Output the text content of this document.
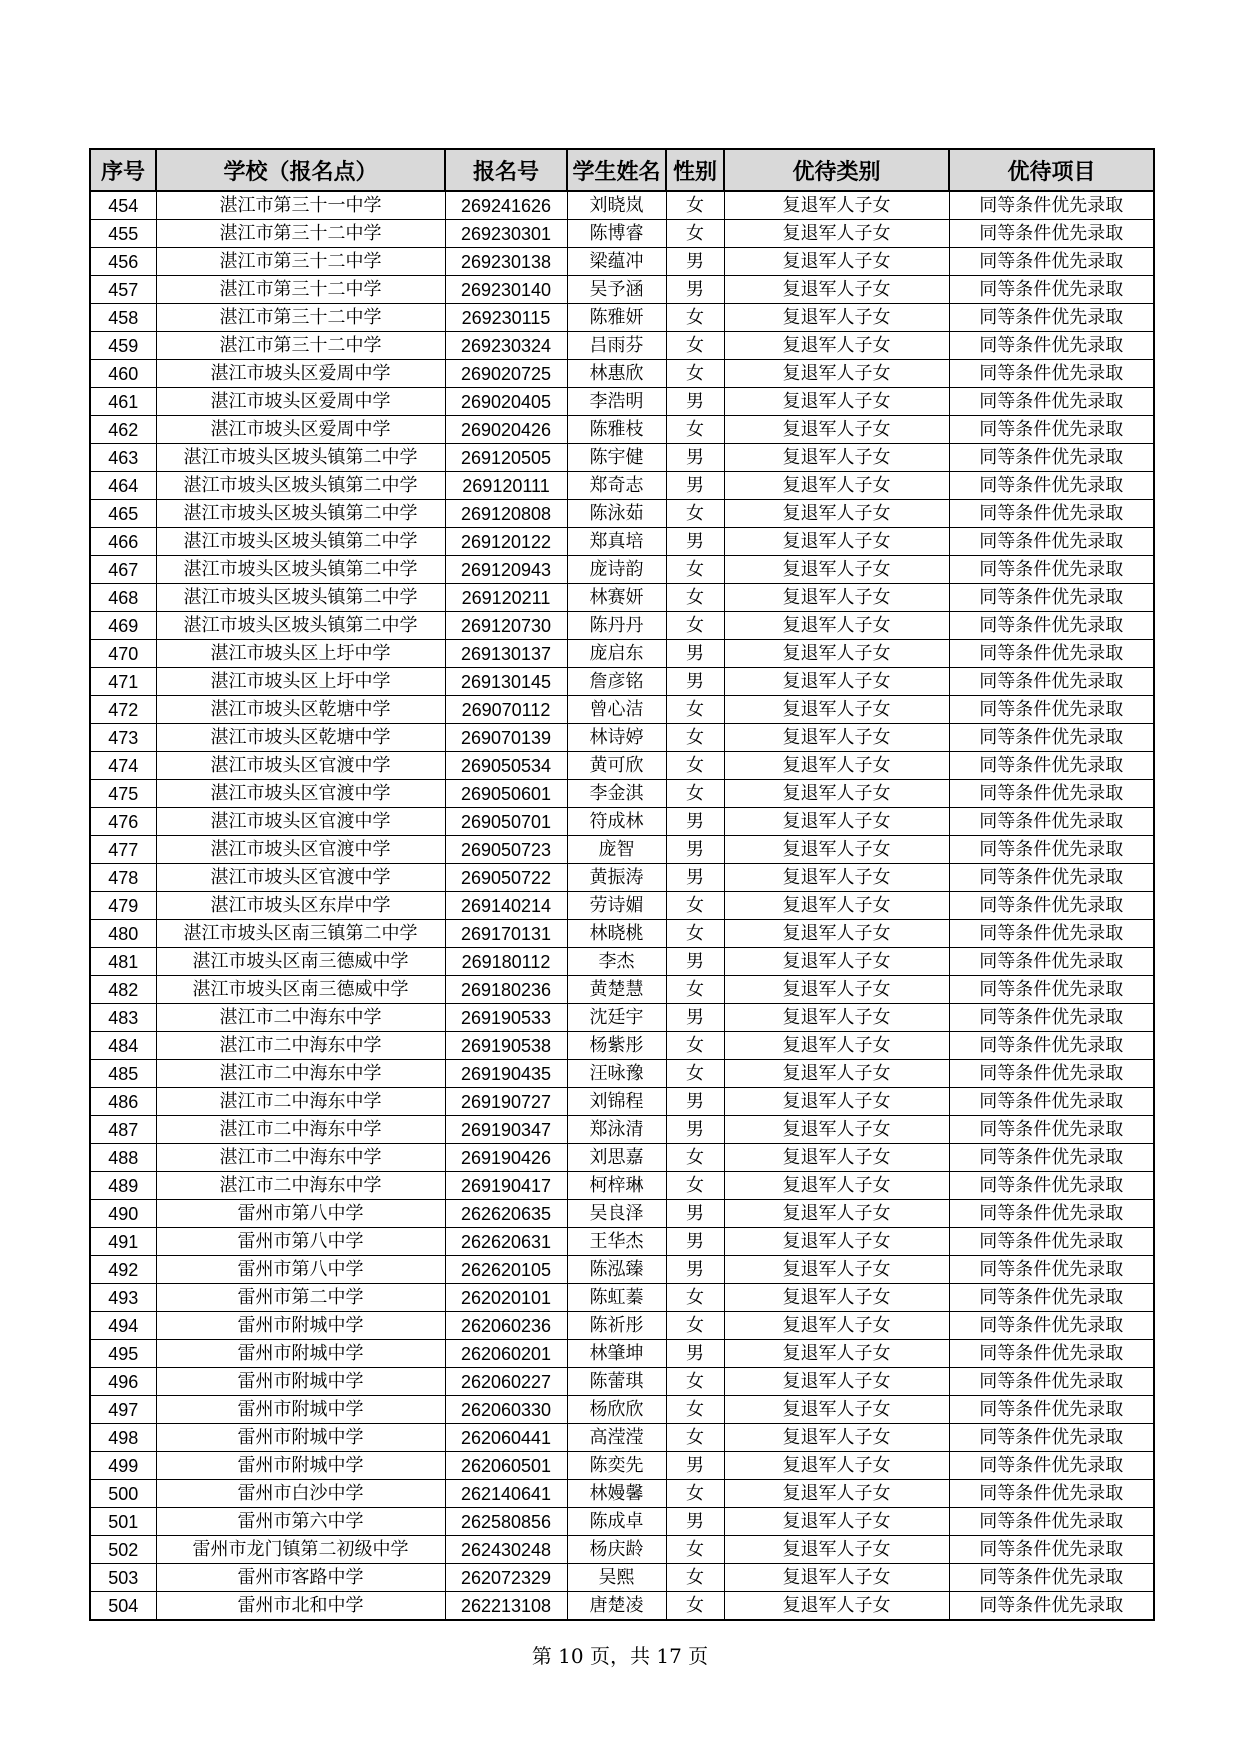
序号	学校（报名点）	报名号	学生姓名	性别	优待类别	优待项目
454	湛江市第三十一中学	269241626	刘晓岚	女	复退军人子女	同等条件优先录取
455	湛江市第三十二中学	269230301	陈博睿	女	复退军人子女	同等条件优先录取
456	湛江市第三十二中学	269230138	梁蕴冲	男	复退军人子女	同等条件优先录取
457	湛江市第三十二中学	269230140	吴予涵	男	复退军人子女	同等条件优先录取
458	湛江市第三十二中学	269230115	陈雅妍	女	复退军人子女	同等条件优先录取
459	湛江市第三十二中学	269230324	吕雨芬	女	复退军人子女	同等条件优先录取
460	湛江市坡头区爱周中学	269020725	林惠欣	女	复退军人子女	同等条件优先录取
461	湛江市坡头区爱周中学	269020405	李浩明	男	复退军人子女	同等条件优先录取
462	湛江市坡头区爱周中学	269020426	陈雅枝	女	复退军人子女	同等条件优先录取
463	湛江市坡头区坡头镇第二中学	269120505	陈宇健	男	复退军人子女	同等条件优先录取
464	湛江市坡头区坡头镇第二中学	269120111	郑奇志	男	复退军人子女	同等条件优先录取
465	湛江市坡头区坡头镇第二中学	269120808	陈泳茹	女	复退军人子女	同等条件优先录取
466	湛江市坡头区坡头镇第二中学	269120122	郑真培	男	复退军人子女	同等条件优先录取
467	湛江市坡头区坡头镇第二中学	269120943	庞诗韵	女	复退军人子女	同等条件优先录取
468	湛江市坡头区坡头镇第二中学	269120211	林赛妍	女	复退军人子女	同等条件优先录取
469	湛江市坡头区坡头镇第二中学	269120730	陈丹丹	女	复退军人子女	同等条件优先录取
470	湛江市坡头区上圩中学	269130137	庞启东	男	复退军人子女	同等条件优先录取
471	湛江市坡头区上圩中学	269130145	詹彦铭	男	复退军人子女	同等条件优先录取
472	湛江市坡头区乾塘中学	269070112	曾心洁	女	复退军人子女	同等条件优先录取
473	湛江市坡头区乾塘中学	269070139	林诗婷	女	复退军人子女	同等条件优先录取
474	湛江市坡头区官渡中学	269050534	黄可欣	女	复退军人子女	同等条件优先录取
475	湛江市坡头区官渡中学	269050601	李金淇	女	复退军人子女	同等条件优先录取
476	湛江市坡头区官渡中学	269050701	符成林	男	复退军人子女	同等条件优先录取
477	湛江市坡头区官渡中学	269050723	庞智	男	复退军人子女	同等条件优先录取
478	湛江市坡头区官渡中学	269050722	黄振涛	男	复退军人子女	同等条件优先录取
479	湛江市坡头区东岸中学	269140214	劳诗媚	女	复退军人子女	同等条件优先录取
480	湛江市坡头区南三镇第二中学	269170131	林晓桃	女	复退军人子女	同等条件优先录取
481	湛江市坡头区南三德威中学	269180112	李杰	男	复退军人子女	同等条件优先录取
482	湛江市坡头区南三德威中学	269180236	黄楚慧	女	复退军人子女	同等条件优先录取
483	湛江市二中海东中学	269190533	沈廷宇	男	复退军人子女	同等条件优先录取
484	湛江市二中海东中学	269190538	杨紫彤	女	复退军人子女	同等条件优先录取
485	湛江市二中海东中学	269190435	汪咏豫	女	复退军人子女	同等条件优先录取
486	湛江市二中海东中学	269190727	刘锦程	男	复退军人子女	同等条件优先录取
487	湛江市二中海东中学	269190347	郑泳清	男	复退军人子女	同等条件优先录取
488	湛江市二中海东中学	269190426	刘思嘉	女	复退军人子女	同等条件优先录取
489	湛江市二中海东中学	269190417	柯梓琳	女	复退军人子女	同等条件优先录取
490	雷州市第八中学	262620635	吴良泽	男	复退军人子女	同等条件优先录取
491	雷州市第八中学	262620631	王华杰	男	复退军人子女	同等条件优先录取
492	雷州市第八中学	262620105	陈泓臻	男	复退军人子女	同等条件优先录取
493	雷州市第二中学	262020101	陈虹蓁	女	复退军人子女	同等条件优先录取
494	雷州市附城中学	262060236	陈祈彤	女	复退军人子女	同等条件优先录取
495	雷州市附城中学	262060201	林肇坤	男	复退军人子女	同等条件优先录取
496	雷州市附城中学	262060227	陈蕾琪	女	复退军人子女	同等条件优先录取
497	雷州市附城中学	262060330	杨欣欣	女	复退军人子女	同等条件优先录取
498	雷州市附城中学	262060441	高滢滢	女	复退军人子女	同等条件优先录取
499	雷州市附城中学	262060501	陈奕先	男	复退军人子女	同等条件优先录取
500	雷州市白沙中学	262140641	林嫚馨	女	复退军人子女	同等条件优先录取
501	雷州市第六中学	262580856	陈成卓	男	复退军人子女	同等条件优先录取
502	雷州市龙门镇第二初级中学	262430248	杨庆龄	女	复退军人子女	同等条件优先录取
503	雷州市客路中学	262072329	吴熙	女	复退军人子女	同等条件优先录取
504	雷州市北和中学	262213108	唐楚凌	女	复退军人子女	同等条件优先录取
第 10 页，共 17 页
